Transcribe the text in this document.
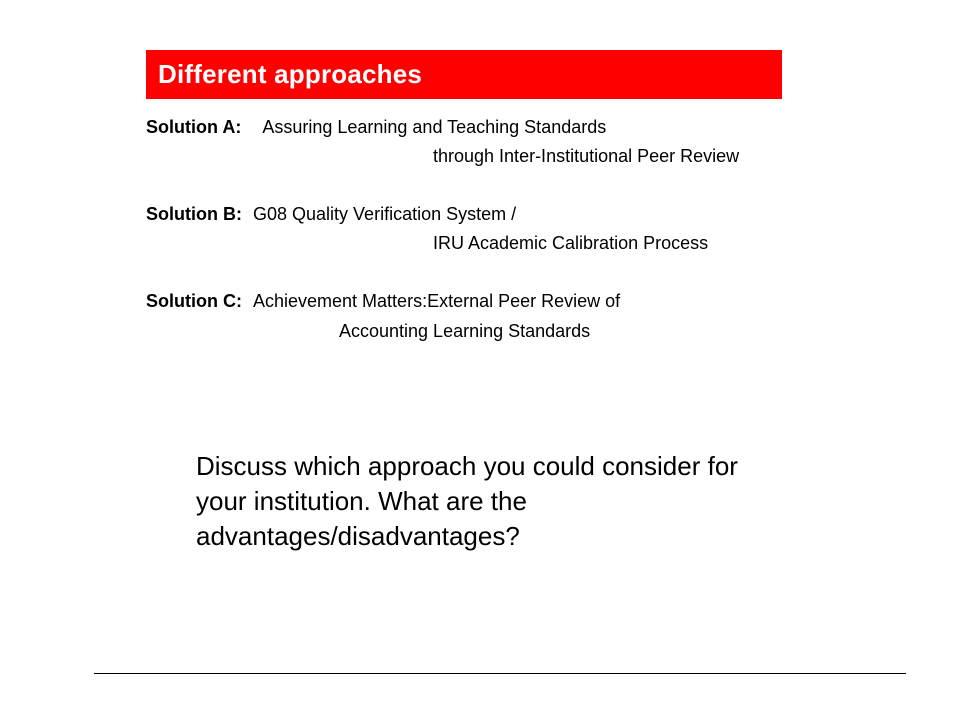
Different approaches
Solution A: Assuring Learning and Teaching Standards
through Inter-Institutional Peer Review
Solution B: G08 Quality Verification System /
IRU Academic Calibration Process
Solution C: Achievement Matters:External Peer Review of
Accounting Learning Standards
Discuss which approach you could consider for your institution. What are the advantages/disadvantages?
